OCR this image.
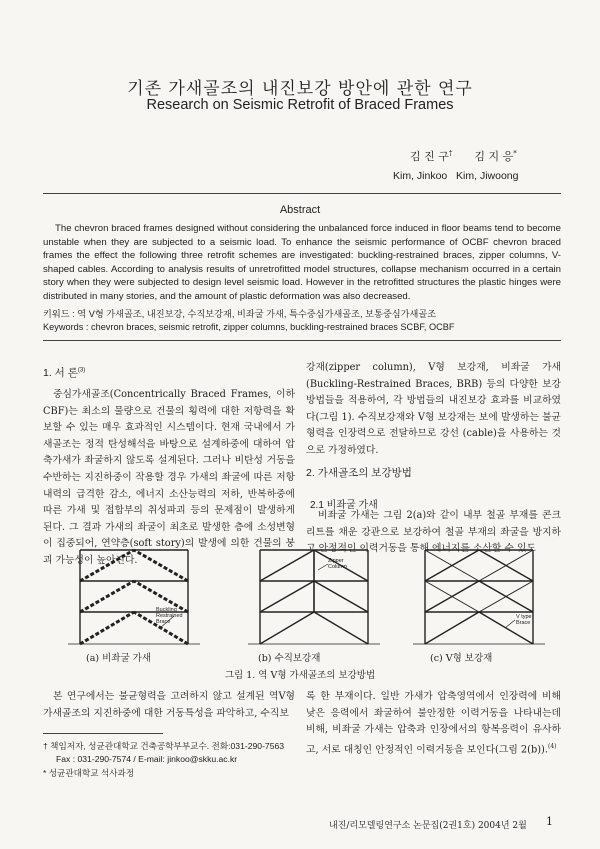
기존 가새골조의 내진보강 방안에 관한 연구
Research on Seismic Retrofit of Braced Frames
김 진 구† 김 지 응*
Kim, Jinkoo   Kim, Jiwoong
Abstract
The chevron braced frames designed without considering the unbalanced force induced in floor beams tend to become unstable when they are subjected to a seismic load. To enhance the seismic performance of OCBF chevron braced frames the effect the following three retrofit schemes are investigated: buckling-restrained braces, zipper columns, V-shaped cables. According to analysis results of unretrofitted model structures, collapse mechanism occurred in a certain story when they were subjected to design level seismic load. However in the retrofitted structures the plastic hinges were distributed in many stories, and the amount of plastic deformation was also decreased.
키워드 : 역 V형 가새골조, 내진보강, 수직보강재, 비좌굴 가새, 특수중심가새골조, 보통중심가새골조
Keywords : chevron braces, seismic retrofit, zipper columns, buckling-restrained braces SCBF, OCBF
1. 서 론$^{(3)}$
중심가새골조(Concentrically Braced Frames, 이하 CBF)는 최소의 물량으로 건물의 횡력에 대한 저항력을 확보할 수 있는 매우 효과적인 시스템이다. 현재 국내에서 가새골조는 정적 탄성해석을 바탕으로 설계하중에 대하여 압축가새가 좌굴하지 않도록 설계된다. 그러나 비탄성 거동을 수반하는 지진하중이 작용할 경우 가새의 좌굴에 따른 저항내력의 급격한 감소, 에너지 소산능력의 저하, 반복하중에 따른 가새 및 접합부의 취성파괴 등의 문제점이 발생하게 된다. 그 결과 가새의 좌굴이 최초로 발생한 층에 소성변형이 집중되어, 연약층(soft story)의 발생에 의한 건물의 붕괴 가능성이 높아진다.
강재(zipper column), V형 보강재, 비좌굴 가새 (Buckling-Restrained Braces, BRB) 등의 다양한 보강방법들을 적용하여, 각 방법들의 내진보강 효과를 비교하였다(그림 1). 수직보강재와 V형 보강재는 보에 발생하는 불균형력을 인장력으로 전달하므로 강선 (cable)을 사용하는 것으로 가정하였다.
2. 가새골조의 보강방법
2.1 비좌굴 가새
비좌굴 가새는 그림 2(a)와 같이 내부 철골 부재를 콘크리트를 채운 강관으로 보강하여 철골 부재의 좌굴을 방지하고 안정적인 이력거동을 통해 에너지를 소산할 수 있도
Buckling Restrained Brace
Zipper Column
V type Brace
(a) 비좌굴 가새	(b) 수직보강재	(c) V형 보강재
그림 1. 역 V형 가새골조의 보강방법
본 연구에서는 불균형력을 고려하지 않고 설계된 역V형 가새골조의 지진하중에 대한 거동특성을 파악하고, 수직보
록 한 부재이다. 일반 가새가 압축영역에서 인장력에 비해 낮은 응력에서 좌굴하여 불안정한 이력거동을 나타내는데 비해, 비좌굴 가새는 압축과 인장에서의 항복응력이 유사하고, 서로 대칭인 안정적인 이력거동을 보인다(그림 2(b)).$^{(4)}$
† 책임저자, 성균관대학교 건축공학부부교수. 전화:031-290-7563
Fax : 031-290-7574 / E-mail: jinkoo@skku.ac.kr
* 성균관대학교 석사과정
내진/리모델링연구소 논문집(2권1호) 2004년 2월 1
